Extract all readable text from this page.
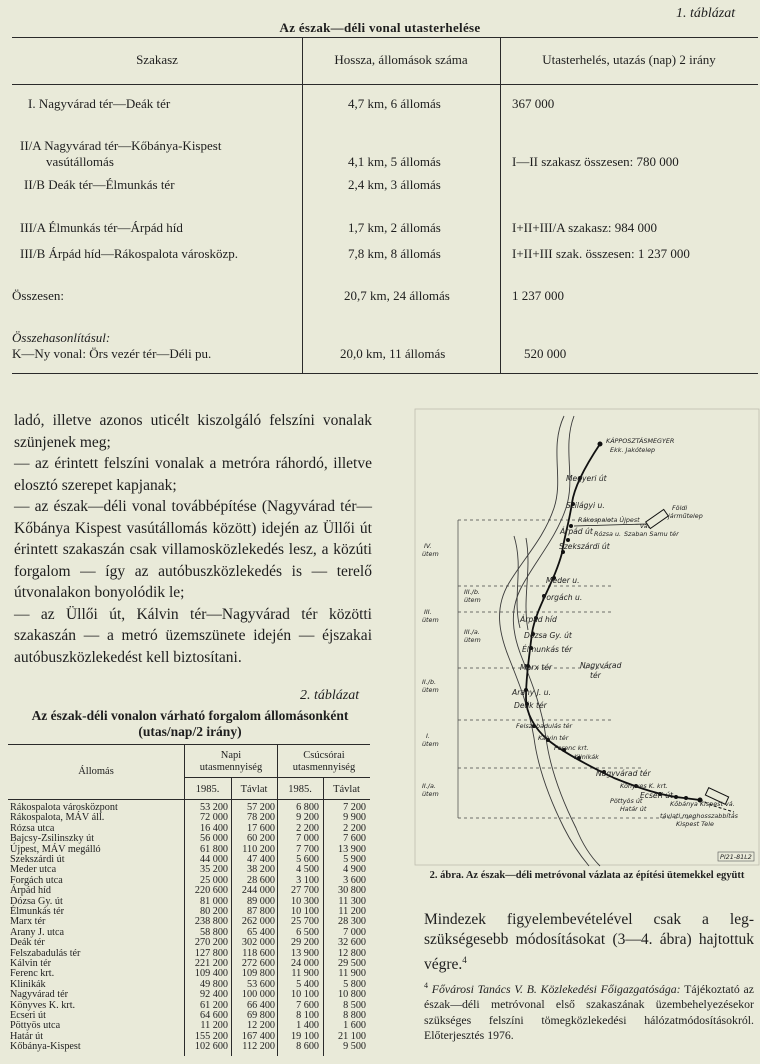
1. táblázat
Az észak—déli vonal utasterhelése
Szakasz	Hossza, állomások száma	Utasterhelés, utazás (nap) 2 irány
I. Nagyvárad tér—Deák tér	4,7 km, 6 állomás	367 000
II/A Nagyvárad tér—Kőbánya-Kispest
vasútállomás	4,1 km, 5 állomás	I—II szakasz összesen: 780 000
II/B Deák tér—Élmunkás tér	2,4 km, 3 állomás
III/A Élmunkás tér—Árpád híd	1,7 km, 2 állomás	I+II+III/A szakasz: 984 000
III/B Árpád híd—Rákospalota városközp.	7,8 km, 8 állomás	I+II+III szak. összesen: 1 237 000
Összesen:	20,7 km, 24 állomás	1 237 000
Összehasonlításul:
K—Ny vonal: Örs vezér tér—Déli pu.	20,0 km, 11 állomás	520 000

ladó, illetve azonos uticélt kiszolgáló felszíni vonalak szünjenek meg;

— az érintett felszíni vonalak a metróra ráhordó, illetve elosztó szerepet kapjanak;

— az észak—déli vonal továbbépítése (Nagyvárad tér—Kőbánya Kispest vasútállomás között) idején az Üllői út érintett szakaszán csak villamosközlekedés lesz, a közúti forgalom — így az autóbuszközlekedés is — terelő útvonalakon bonyolódik le;

— az Üllői út, Kálvin tér—Nagyvárad tér közötti szakaszán — a metró üzemszünete idején — éjszakai autóbuszközlekedést kell biztosítani.

2. táblázat
Az észak-déli vonalon várható forgalom állomásonként
(utas/nap/2 irány)
Állomás
Napi utasmennyiség
Csúcsórai utasmennyiség
1985.	Távlat	1985.	Távlat
Rákospalota városközpont	53 200	57 200	6 800	7 200
Rákospalota, MÁV áll.	72 000	78 200	9 200	9 900
Rózsa utca	16 400	17 600	2 200	2 200
Bajcsy-Zsilinszky út	56 000	60 200	7 000	7 600
Újpest, MÁV megálló	61 800	110 200	7 700	13 900
Szekszárdi út	44 000	47 400	5 600	5 900
Meder utca	35 200	38 200	4 500	4 900
Forgách utca	25 000	28 600	3 100	3 600
Árpád híd	220 600	244 000	27 700	30 800
Dózsa Gy. út	81 000	89 000	10 300	11 300
Élmunkás tér	80 200	87 800	10 100	11 200
Marx tér	238 800	262 000	25 700	28 300
Arany J. utca	58 800	65 400	6 500	7 000
Deák tér	270 200	302 000	29 200	32 600
Felszabadulás tér	127 800	118 600	13 900	12 800
Kálvin tér	221 200	272 600	24 000	29 500
Ferenc krt.	109 400	109 800	11 900	11 900
Klinikák	49 800	53 600	5 400	5 800
Nagyvárad tér	92 400	100 000	10 100	10 800
Könyves K. krt.	61 200	66 400	7 600	8 500
Ecseri út	64 600	69 800	8 100	8 800
Pöttyös utca	11 200	12 200	1 400	1 600
Határ út	155 200	167 400	19 100	21 100
Kőbánya-Kispest	102 600	112 200	8 600	9 500
KÁPPOSZTÁSMEGYER
Ekk. Jakótelep
Megyeri út
Szilágyi u.	Földi
járműtelep
Rákospalota Újpest
vá.
Árpád út Rózsa u. Szaban Samu tér
Szekszárdi út
Meder u.
Forgách u.
Árpád híd
Dózsa Gy. út
Élmunkás tér
Marx tér	Nagyvárad
tér
Arany J. u.
Deák tér
Felszabadulás tér
Kálvin tér
Ferenc krt.
Klinikák
Nagyvárad tér
Könyves K. krt.
Ecseri út
Pöttyös út
Határ út
Kőbánya Kispest vá.
távlati meghosszabbítás
Kispest Tele
IV.
ütem
III./b.
ütem
III.
ütem
III./a.
ütem
II./b.
ütem
I.
ütem
II./a.
ütem
Pl21-81L2
2. ábra. Az észak—déli metróvonal vázlata az építési ütemekkel együtt
Mindezek figyelembevételével csak a legszükségesebb módosításokat (3—4. ábra) hajtottuk végre.$^4$
$^4$ Fővárosi Tanács V. B. Közlekedési Főigazgatósága: Tájékoztató az észak—déli metróvonal első szakaszának üzembehelyezésekor szükséges felszíni tömegközlekedési hálózatmódosításokról. Előterjesztés 1976.
